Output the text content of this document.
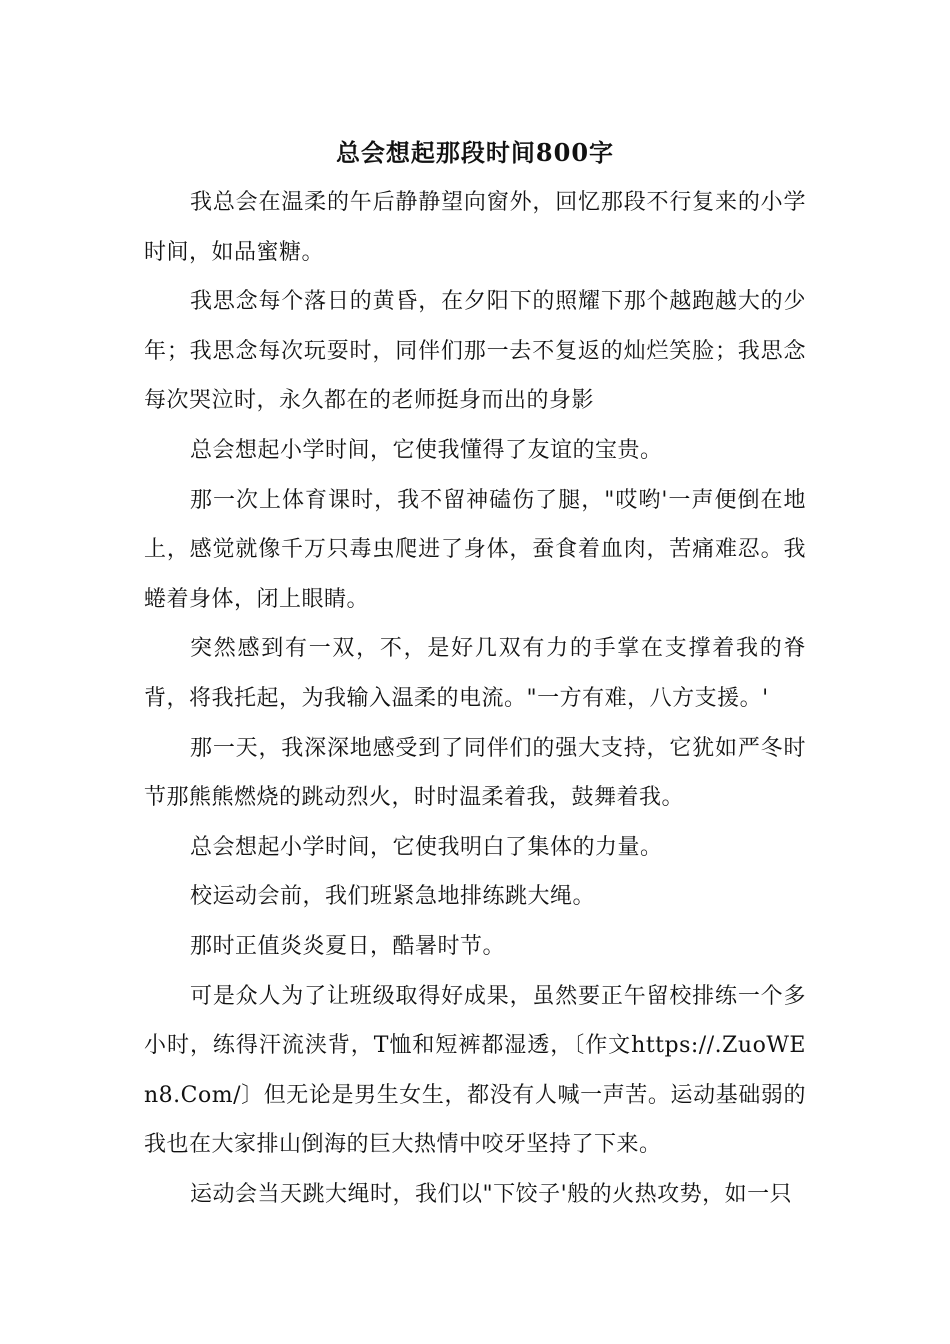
总会想起那段时间800字

我总会在温柔的午后静静望向窗外，回忆那段不行复来的小学时间，如品蜜糖。

我思念每个落日的黄昏，在夕阳下的照耀下那个越跑越大的少年；我思念每次玩耍时，同伴们那一去不复返的灿烂笑脸；我思念每次哭泣时，永久都在的老师挺身而出的身影

总会想起小学时间，它使我懂得了友谊的宝贵。

那一次上体育课时，我不留神磕伤了腿，"哎哟'一声便倒在地上，感觉就像千万只毒虫爬进了身体，蚕食着血肉，苦痛难忍。我蜷着身体，闭上眼睛。

突然感到有一双，不，是好几双有力的手掌在支撑着我的脊背，将我托起，为我输入温柔的电流。"一方有难，八方支援。'

那一天，我深深地感受到了同伴们的强大支持，它犹如严冬时节那熊熊燃烧的跳动烈火，时时温柔着我，鼓舞着我。

总会想起小学时间，它使我明白了集体的力量。

校运动会前，我们班紧急地排练跳大绳。

那时正值炎炎夏日，酷暑时节。

可是众人为了让班级取得好成果，虽然要正午留校排练一个多小时，练得汗流浃背，T恤和短裤都湿透，〔作文https://.ZuoWEn8.Com/〕但无论是男生女生，都没有人喊一声苦。运动基础弱的我也在大家排山倒海的巨大热情中咬牙坚持了下来。

运动会当天跳大绳时，我们以"下饺子'般的火热攻势，如一只
